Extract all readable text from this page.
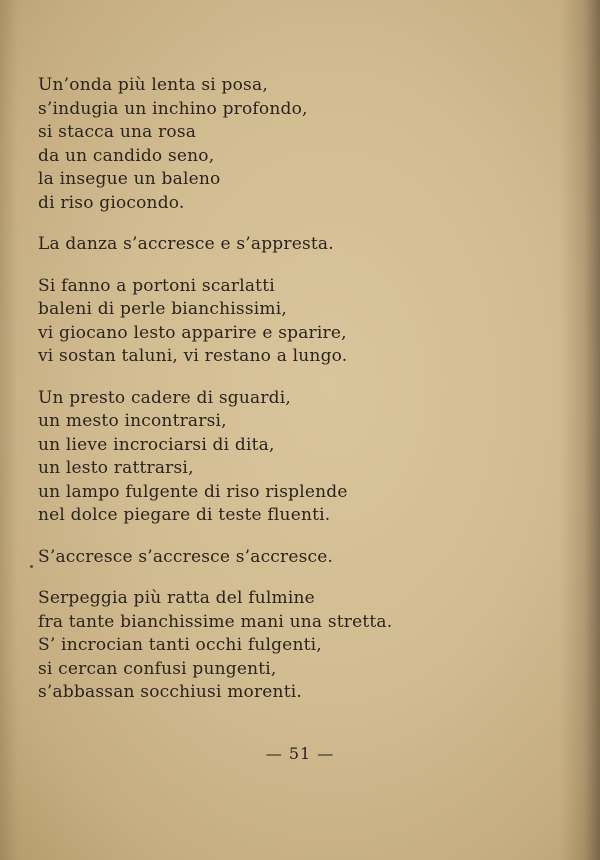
Un’onda più lenta si posa,
s’indugia un inchino profondo,
si stacca una rosa
da un candido seno,
la insegue un baleno
di riso giocondo.
La danza s’accresce e s’appresta.
Si fanno a portoni scarlatti
baleni di perle bianchissimi,
vi giocano lesto apparire e sparire,
vi sostan taluni, vi restano a lungo.
Un presto cadere di sguardi,
un mesto incontrarsi,
un lieve incrociarsi di dita,
un lesto rattrarsi,
un lampo fulgente di riso risplende
nel dolce piegare di teste fluenti.
S’accresce s’accresce s’accresce.
Serpeggia più ratta del fulmine
fra tante bianchissime mani una stretta.
S’ incrocian tanti occhi fulgenti,
si cercan confusi pungenti,
s’abbassan socchiusi morenti.
— 51 —
